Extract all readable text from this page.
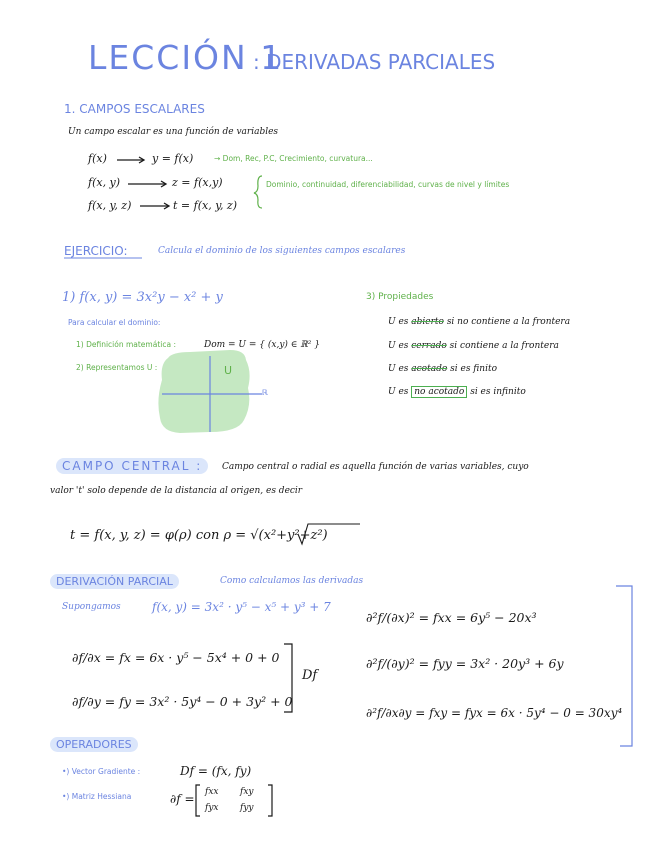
LECCIÓN 1
: DERIVADAS PARCIALES
1. CAMPOS ESCALARES
Un campo escalar es una función de variables
f(x)	y = f(x)	→ Dom, Rec, P.C, Crecimiento, curvatura...
f(x, y)	z = f(x,y)	Dominio, continuidad, diferenciabilidad, curvas de nivel y límites
f(x, y, z)	t = f(x, y, z)
EJERCICIO:	Calcula el dominio de los siguientes campos escalares
1) f(x, y) = 3x²y − x² + y
Para calcular el dominio:
1) Definición matemática :	Dom = U = { (x,y) ∈ ℝ² }
2) Representamos U :	U
ℝ
3) Propiedades
U es abierto si no contiene a la frontera
U es cerrado si contiene a la frontera
U es acotado si es finito
U es no acotado si es infinito
CAMPO CENTRAL :	Campo central o radial es aquella función de varias variables, cuyo
valor 't' solo depende de la distancia al origen, es decir
t = f(x, y, z) = φ(ρ) con ρ = √(x²+y²+z²)
DERIVACIÓN PARCIAL	Como calculamos las derivadas
Supongamos	f(x, y) = 3x² · y⁵ − x⁵ + y³ + 7
∂f/∂x = fx = 6x · y⁵ − 5x⁴ + 0 + 0
∂f/∂y = fy = 3x² · 5y⁴ − 0 + 3y² + 0
Df
∂²f/(∂x)² = fxx = 6y⁵ − 20x³
∂²f/(∂y)² = fyy = 3x² · 20y³ + 6y
∂²f/∂x∂y = fxy = fyx = 6x · 5y⁴ − 0 = 30xy⁴
OPERADORES
•) Vector Gradiente :	Df = (fx, fy)
•) Matriz Hessiana	∂f = fxx fxy
fyx fyy
